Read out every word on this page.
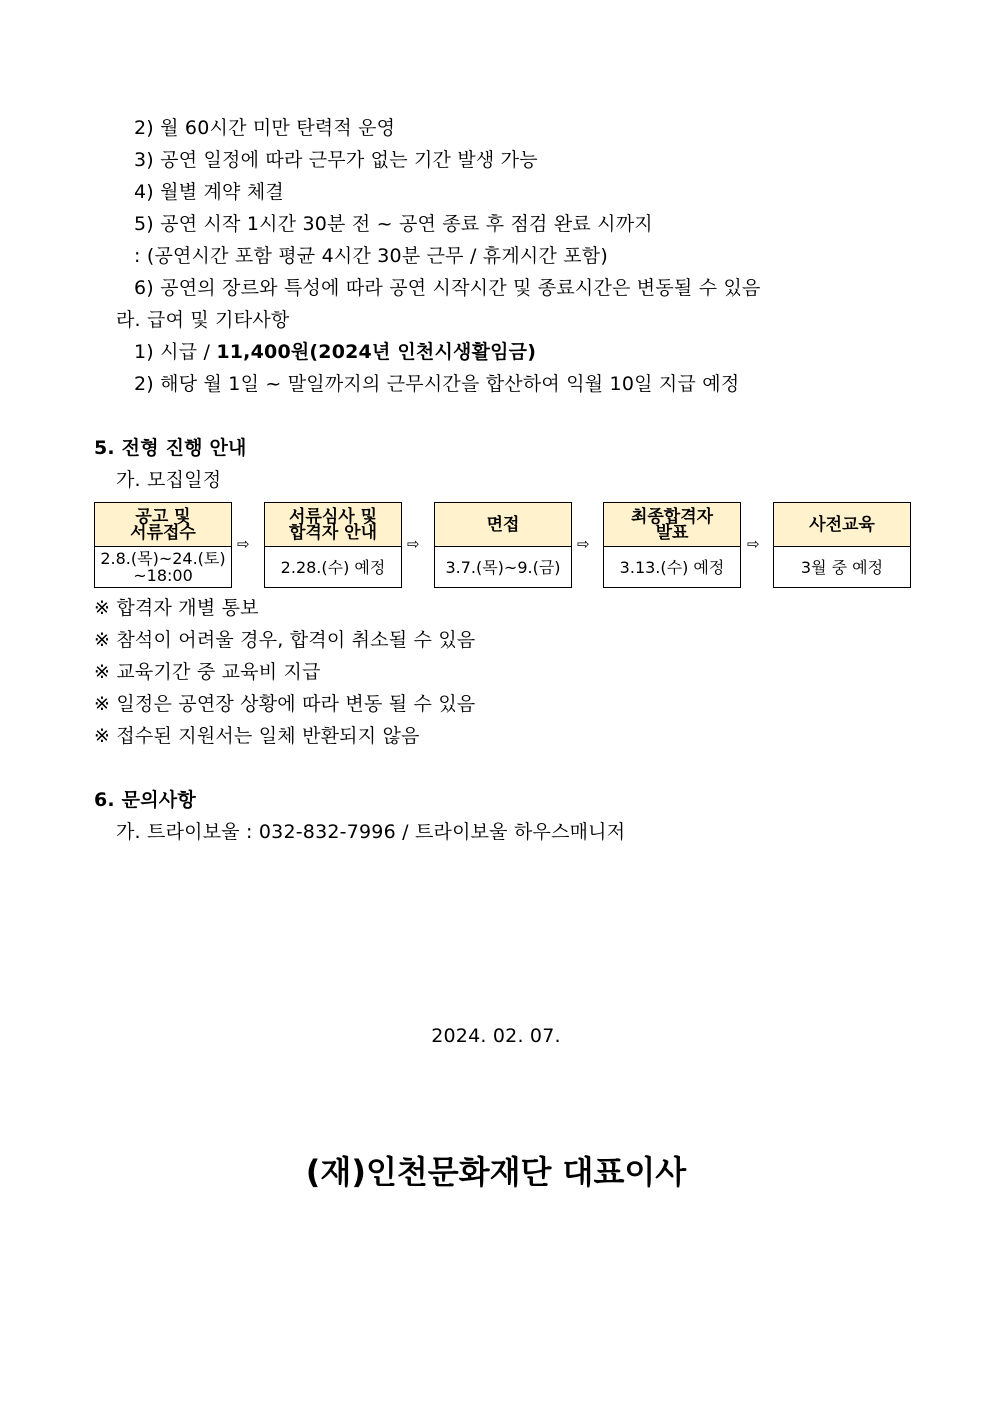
2) 월 60시간 미만 탄력적 운영
3) 공연 일정에 따라 근무가 없는 기간 발생 가능
4) 월별 계약 체결
5) 공연 시작 1시간 30분 전 ~ 공연 종료 후 점검 완료 시까지
: (공연시간 포함 평균 4시간 30분 근무 / 휴게시간 포함)
6) 공연의 장르와 특성에 따라 공연 시작시간 및 종료시간은 변동될 수 있음
라. 급여 및 기타사항
1) 시급 / 11,400원(2024년 인천시생활임금)
2) 해당 월 1일 ~ 말일까지의 근무시간을 합산하여 익월 10일 지급 예정
5. 전형 진행 안내
가. 모집일정
공고 및
서류접수
2.8.(목)~24.(토)
~18:00
⇨
서류심사 및
합격자 안내
2.28.(수) 예정
⇨
면접
3.7.(목)~9.(금)
⇨
최종합격자
발표
3.13.(수) 예정
⇨
사전교육
3월 중 예정
※ 합격자 개별 통보
※ 참석이 어려울 경우, 합격이 취소될 수 있음
※ 교육기간 중 교육비 지급
※ 일정은 공연장 상황에 따라 변동 될 수 있음
※ 접수된 지원서는 일체 반환되지 않음
6. 문의사항
가. 트라이보울 : 032-832-7996 / 트라이보울 하우스매니저
2024. 02. 07.
(재)인천문화재단 대표이사
